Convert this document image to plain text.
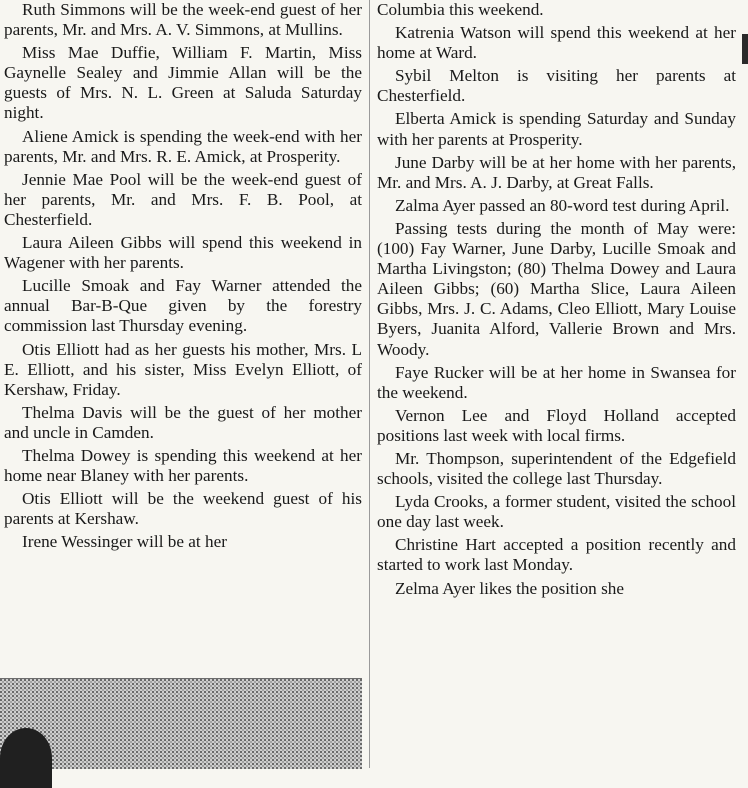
Ruth Simmons will be the week-end guest of her parents, Mr. and Mrs. A. V. Simmons, at Mullins.

Miss Mae Duffie, William F. Martin, Miss Gaynelle Sealey and Jimmie Allan will be the guests of Mrs. N. L. Green at Saluda Saturday night.

Aliene Amick is spending the week-end with her parents, Mr. and Mrs. R. E. Amick, at Prosperity.

Jennie Mae Pool will be the week-end guest of her parents, Mr. and Mrs. F. B. Pool, at Chesterfield.

Laura Aileen Gibbs will spend this weekend in Wagener with her parents.

Lucille Smoak and Fay Warner attended the annual Bar-B-Que given by the forestry commission last Thursday evening.

Otis Elliott had as her guests his mother, Mrs. L E. Elliott, and his sister, Miss Evelyn Elliott, of Kershaw, Friday.

Thelma Davis will be the guest of her mother and uncle in Camden.

Thelma Dowey is spending this weekend at her home near Blaney with her parents.

Otis Elliott will be the weekend guest of his parents at Kershaw.

Irene Wessinger will be at her

Columbia this weekend.

Katrenia Watson will spend this weekend at her home at Ward.

Sybil Melton is visiting her parents at Chesterfield.

Elberta Amick is spending Saturday and Sunday with her parents at Prosperity.

June Darby will be at her home with her parents, Mr. and Mrs. A. J. Darby, at Great Falls.

Zalma Ayer passed an 80-word test during April.

Passing tests during the month of May were: (100) Fay Warner, June Darby, Lucille Smoak and Martha Livingston; (80) Thelma Dowey and Laura Aileen Gibbs; (60) Martha Slice, Laura Aileen Gibbs, Mrs. J. C. Adams, Cleo Elliott, Mary Louise Byers, Juanita Alford, Vallerie Brown and Mrs. Woody.

Faye Rucker will be at her home in Swansea for the weekend.

Vernon Lee and Floyd Holland accepted positions last week with local firms.

Mr. Thompson, superintendent of the Edgefield schools, visited the college last Thursday.

Lyda Crooks, a former student, visited the school one day last week.

Christine Hart accepted a position recently and started to work last Monday.

Zelma Ayer likes the position she
